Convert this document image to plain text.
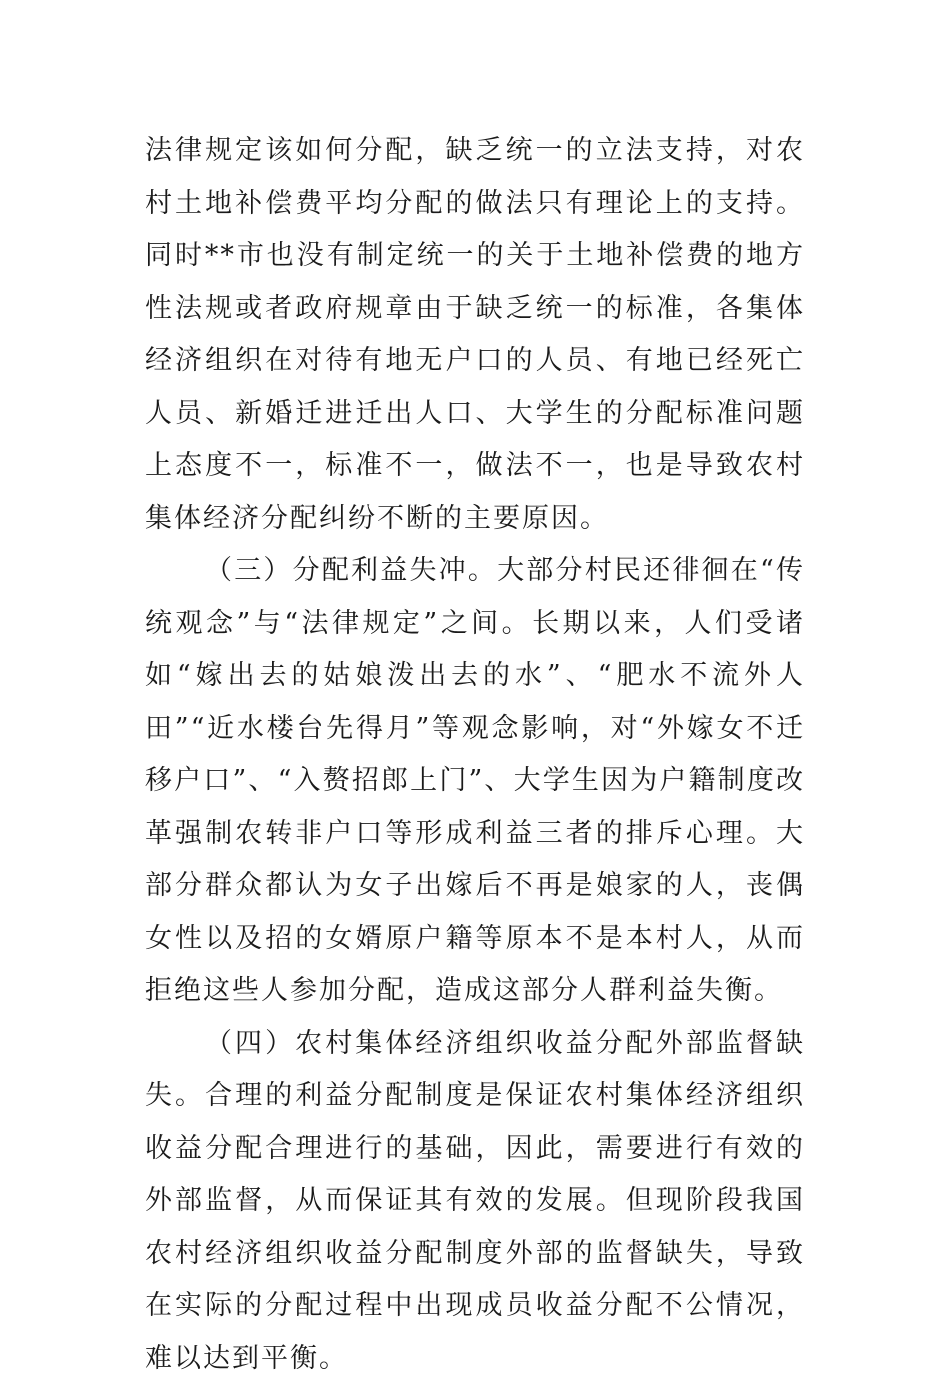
法律规定该如何分配，缺乏统一的立法支持，对农村土地补偿费平均分配的做法只有理论上的支持。同时**市也没有制定统一的关于土地补偿费的地方性法规或者政府规章由于缺乏统一的标准，各集体经济组织在对待有地无户口的人员、有地已经死亡人员、新婚迁进迁出人口、大学生的分配标准问题上态度不一，标准不一，做法不一，也是导致农村集体经济分配纠纷不断的主要原因。

（三）分配利益失冲。大部分村民还徘徊在“传统观念”与“法律规定”之间。长期以来，人们受诸如“嫁出去的姑娘泼出去的水”、“肥水不流外人田”“近水楼台先得月”等观念影响，对“外嫁女不迁移户口”、“入赘招郎上门”、大学生因为户籍制度改革强制农转非户口等形成利益三者的排斥心理。大部分群众都认为女子出嫁后不再是娘家的人，丧偶女性以及招的女婿原户籍等原本不是本村人，从而拒绝这些人参加分配，造成这部分人群利益失衡。

（四）农村集体经济组织收益分配外部监督缺失。合理的利益分配制度是保证农村集体经济组织收益分配合理进行的基础，因此，需要进行有效的外部监督，从而保证其有效的发展。但现阶段我国农村经济组织收益分配制度外部的监督缺失，导致在实际的分配过程中出现成员收益分配不公情况，难以达到平衡。
